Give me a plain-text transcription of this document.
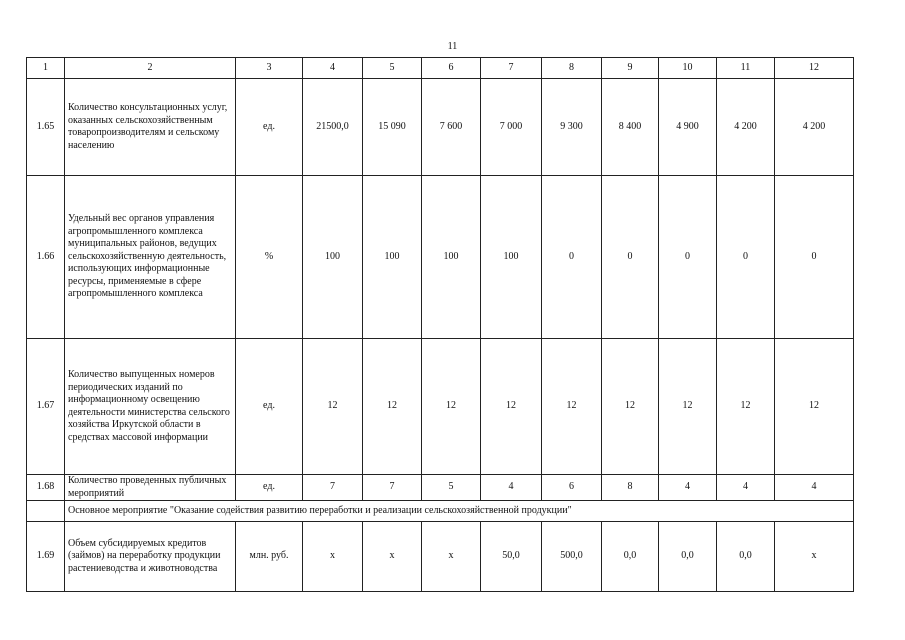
11
1	2	3	4	5	6	7	8	9	10	11	12
1.65	Количество консультационных услуг, оказанных сельскохозяйственным товаропроизводителям и сельскому населению	ед.	21500,0	15 090	7 600	7 000	9 300	8 400	4 900	4 200	4 200
1.66	Удельный вес органов управления агропромышленного комплекса муниципальных районов, ведущих сельскохозяйственную деятельность, использующих информационные ресурсы, применяемые в сфере агропромышленного комплекса	%	100	100	100	100	0	0	0	0	0
1.67	Количество выпущенных номеров периодических изданий по информационному освещению деятельности министерства сельского хозяйства Иркутской области в средствах массовой информации	ед.	12	12	12	12	12	12	12	12	12
1.68	Количество проведенных публичных мероприятий	ед.	7	7	5	4	6	8	4	4	4
	Основное мероприятие "Оказание содействия развитию переработки и реализации сельскохозяйственной продукции"										
1.69	Объем субсидируемых кредитов (займов) на переработку продукции растениеводства и животноводства	млн. руб.	х	х	х	50,0	500,0	0,0	0,0	0,0	х
